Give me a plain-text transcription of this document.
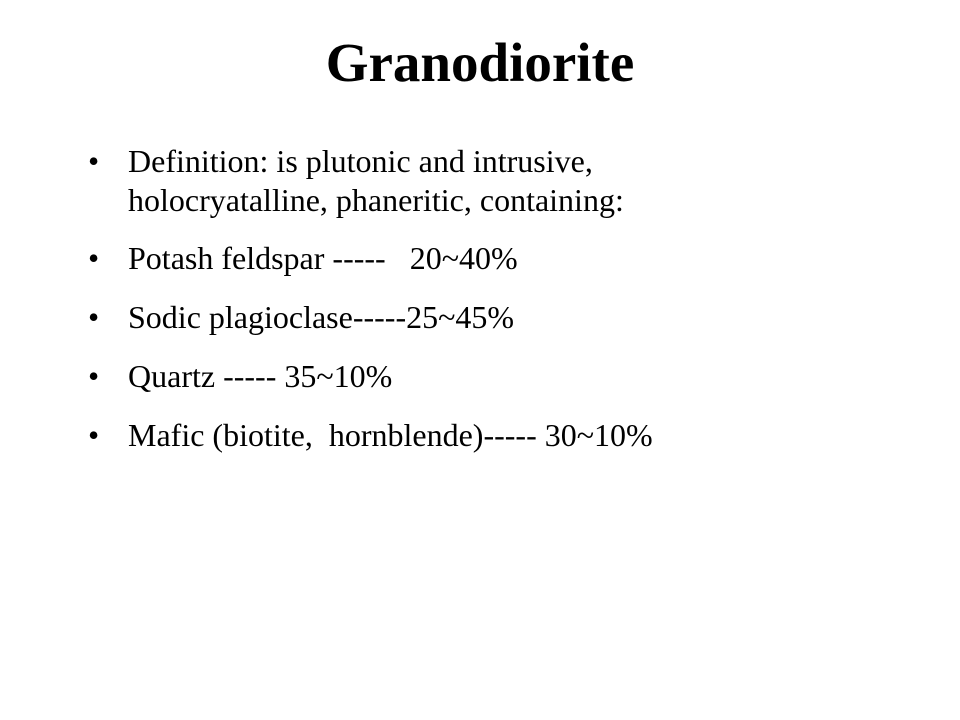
Granodiorite
• Definition: is plutonic and intrusive,
holocryatalline, phaneritic, containing:
• Potash feldspar -----   20~40%
• Sodic plagioclase-----25~45%
• Quartz ----- 35~10%
• Mafic (biotite,  hornblende)----- 30~10%
